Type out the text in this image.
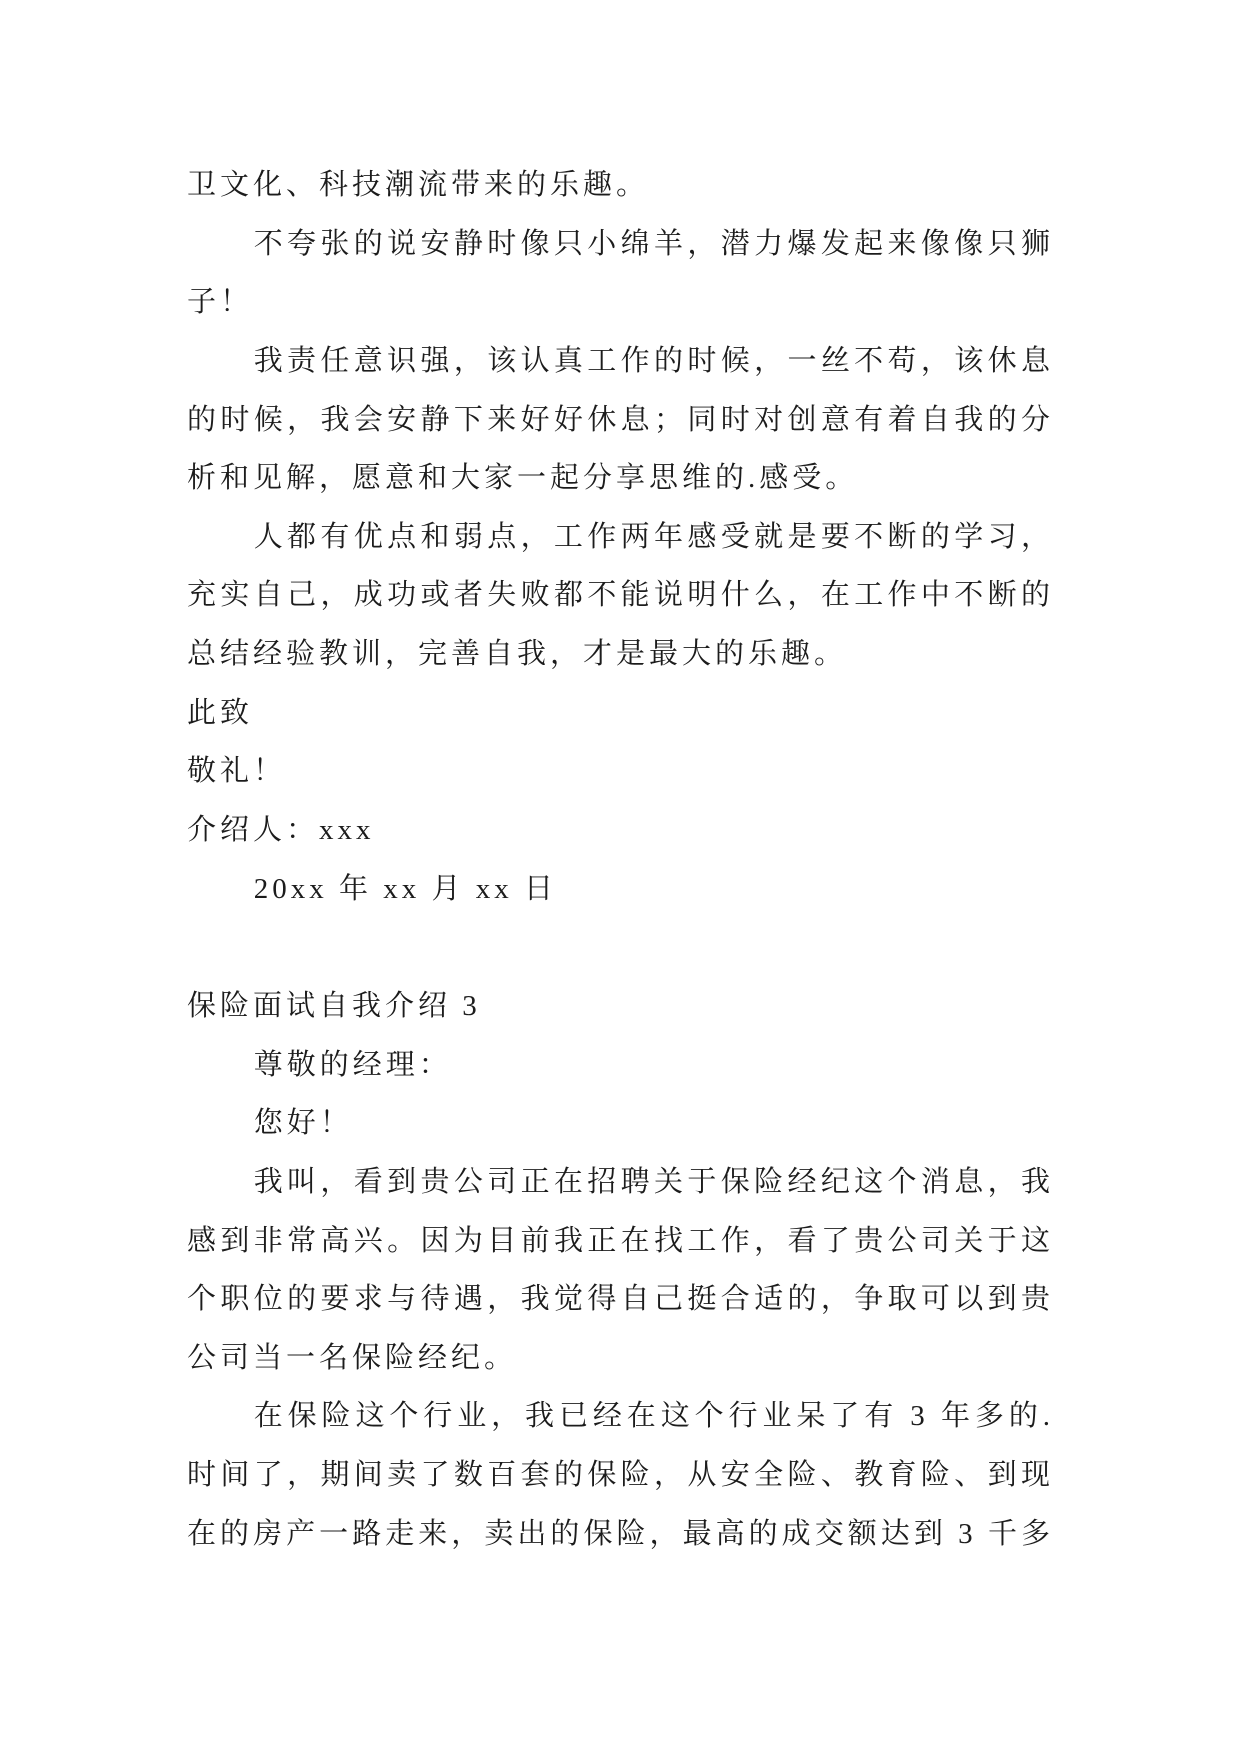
卫文化、科技潮流带来的乐趣。
不夸张的说安静时像只小绵羊，潜力爆发起来像像只狮
子！
我责任意识强，该认真工作的时候，一丝不苟，该休息
的时候，我会安静下来好好休息；同时对创意有着自我的分
析和见解，愿意和大家一起分享思维的.感受。
人都有优点和弱点，工作两年感受就是要不断的学习，
充实自己，成功或者失败都不能说明什么，在工作中不断的
总结经验教训，完善自我，才是最大的乐趣。
此致
敬礼！
介绍人：xxx
20xx 年 xx 月 xx 日
保险面试自我介绍 3
尊敬的经理：
您好！
我叫，看到贵公司正在招聘关于保险经纪这个消息，我
感到非常高兴。因为目前我正在找工作，看了贵公司关于这
个职位的要求与待遇，我觉得自己挺合适的，争取可以到贵
公司当一名保险经纪。
在保险这个行业，我已经在这个行业呆了有 3 年多的.
时间了，期间卖了数百套的保险，从安全险、教育险、到现
在的房产一路走来，卖出的保险，最高的成交额达到 3 千多
